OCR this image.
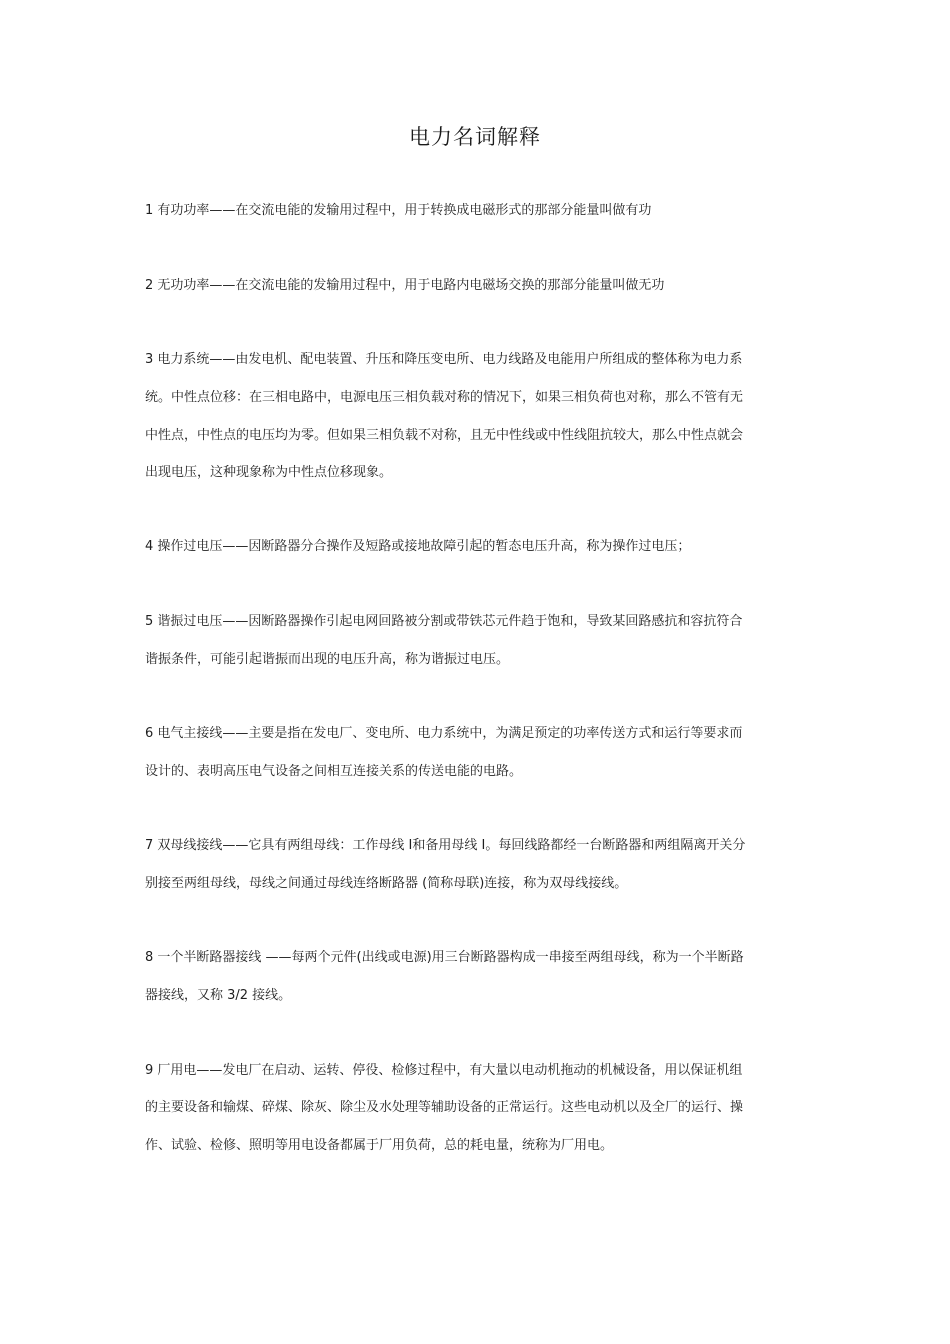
电力名词解释
1 有功功率——在交流电能的发输用过程中，用于转换成电磁形式的那部分能量叫做有功
2 无功功率——在交流电能的发输用过程中，用于电路内电磁场交换的那部分能量叫做无功
3 电力系统——由发电机、配电装置、升压和降压变电所、电力线路及电能用户所组成的整体称为电力系
统。中性点位移：在三相电路中，电源电压三相负载对称的情况下，如果三相负荷也对称，那么不管有无
中性点，中性点的电压均为零。但如果三相负载不对称，且无中性线或中性线阻抗较大，那么中性点就会
出现电压，这种现象称为中性点位移现象。
4 操作过电压——因断路器分合操作及短路或接地故障引起的暂态电压升高，称为操作过电压；
5 谐振过电压——因断路器操作引起电网回路被分割或带铁芯元件趋于饱和，导致某回路感抗和容抗符合
谐振条件，可能引起谐振而出现的电压升高，称为谐振过电压。
6 电气主接线——主要是指在发电厂、变电所、电力系统中，为满足预定的功率传送方式和运行等要求而
设计的、表明高压电气设备之间相互连接关系的传送电能的电路。
7 双母线接线——它具有两组母线：工作母线 Ⅰ和备用母线 Ⅰ。每回线路都经一台断路器和两组隔离开关分
别接至两组母线，母线之间通过母线连络断路器 (简称母联)连接，称为双母线接线。
8 一个半断路器接线 ——每两个元件(出线或电源)用三台断路器构成一串接至两组母线，称为一个半断路
器接线，又称 3/2 接线。
9 厂用电——发电厂在启动、运转、停役、检修过程中，有大量以电动机拖动的机械设备，用以保证机组
的主要设备和输煤、碎煤、除灰、除尘及水处理等辅助设备的正常运行。这些电动机以及全厂的运行、操
作、试验、检修、照明等用电设备都属于厂用负荷，总的耗电量，统称为厂用电。
